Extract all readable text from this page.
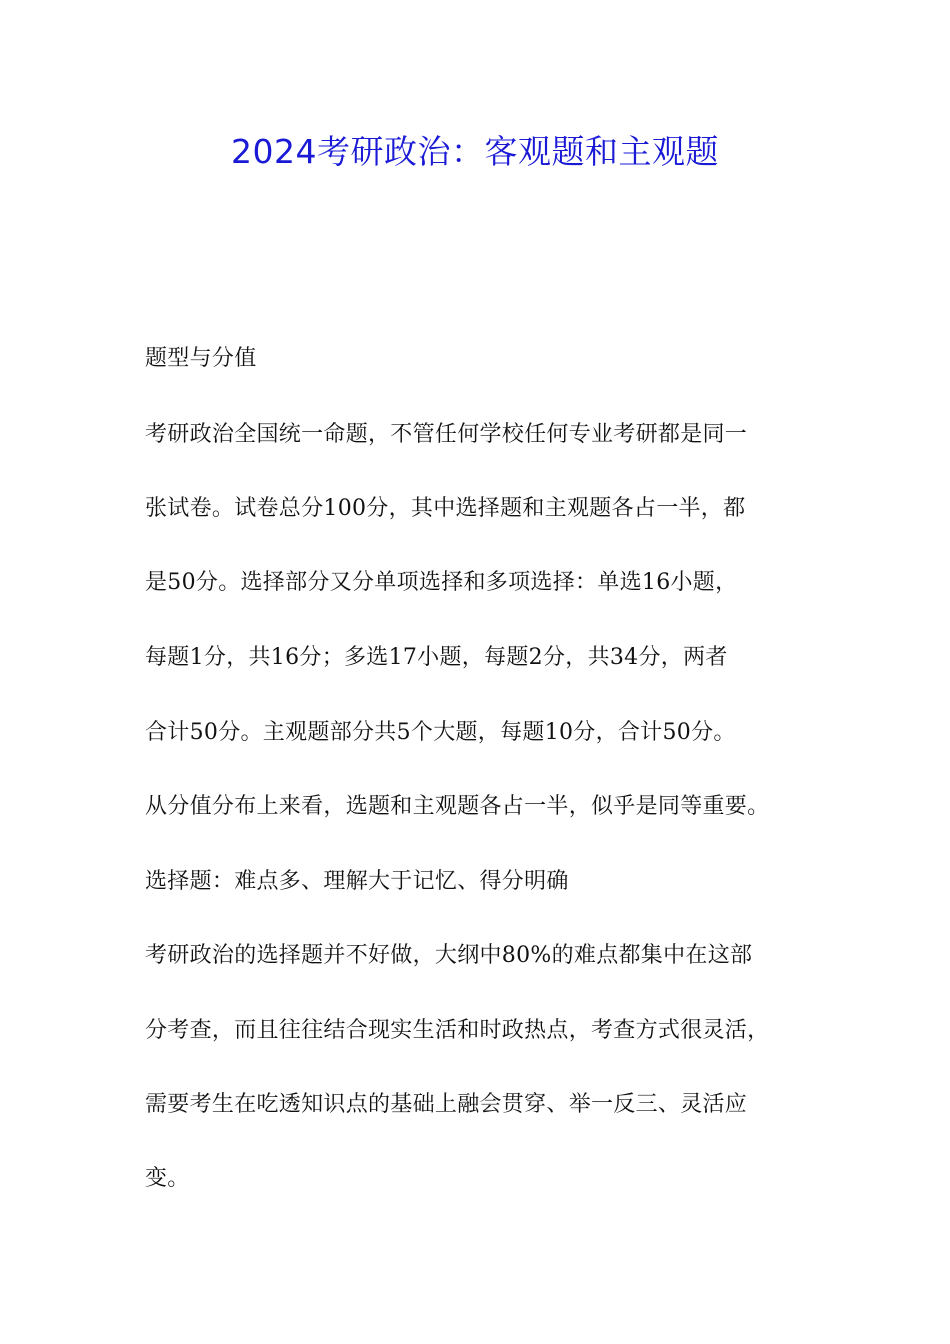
2024考研政治：客观题和主观题
题型与分值
考研政治全国统一命题，不管任何学校任何专业考研都是同一
张试卷。试卷总分100分，其中选择题和主观题各占一半，都
是50分。选择部分又分单项选择和多项选择：单选16小题，
每题1分，共16分；多选17小题，每题2分，共34分，两者
合计50分。主观题部分共5个大题，每题10分，合计50分。
从分值分布上来看，选题和主观题各占一半，似乎是同等重要。
选择题：难点多、理解大于记忆、得分明确
考研政治的选择题并不好做，大纲中80%的难点都集中在这部
分考查，而且往往结合现实生活和时政热点，考查方式很灵活，
需要考生在吃透知识点的基础上融会贯穿、举一反三、灵活应
变。
